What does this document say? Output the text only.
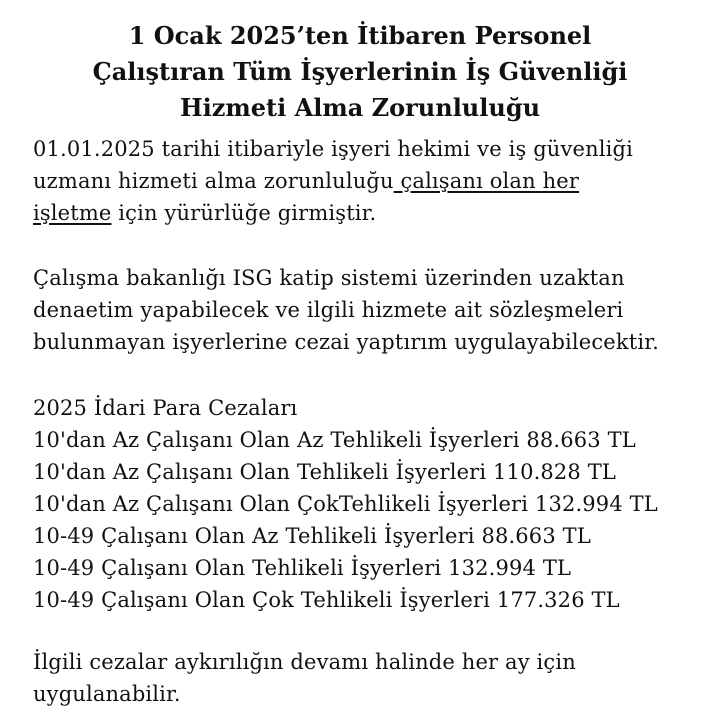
1 Ocak 2025’ten İtibaren Personel
Çalıştıran Tüm İşyerlerinin İş Güvenliği
Hizmeti Alma Zorunluluğu
01.01.2025 tarihi itibariyle işyeri hekimi ve iş güvenliği
uzmanı hizmeti alma zorunluluğu çalışanı olan her
işletme için yürürlüğe girmiştir.
Çalışma bakanlığı ISG katip sistemi üzerinden uzaktan
denaetim yapabilecek ve ilgili hizmete ait sözleşmeleri
bulunmayan işyerlerine cezai yaptırım uygulayabilecektir.
2025 İdari Para Cezaları
10'dan Az Çalışanı Olan Az Tehlikeli İşyerleri 88.663 TL
10'dan Az Çalışanı Olan Tehlikeli İşyerleri 110.828 TL
10'dan Az Çalışanı Olan ÇokTehlikeli İşyerleri 132.994 TL
10-49 Çalışanı Olan Az Tehlikeli İşyerleri 88.663 TL
10-49 Çalışanı Olan Tehlikeli İşyerleri 132.994 TL
10-49 Çalışanı Olan Çok Tehlikeli İşyerleri 177.326 TL
İlgili cezalar aykırılığın devamı halinde her ay için
uygulanabilir.
